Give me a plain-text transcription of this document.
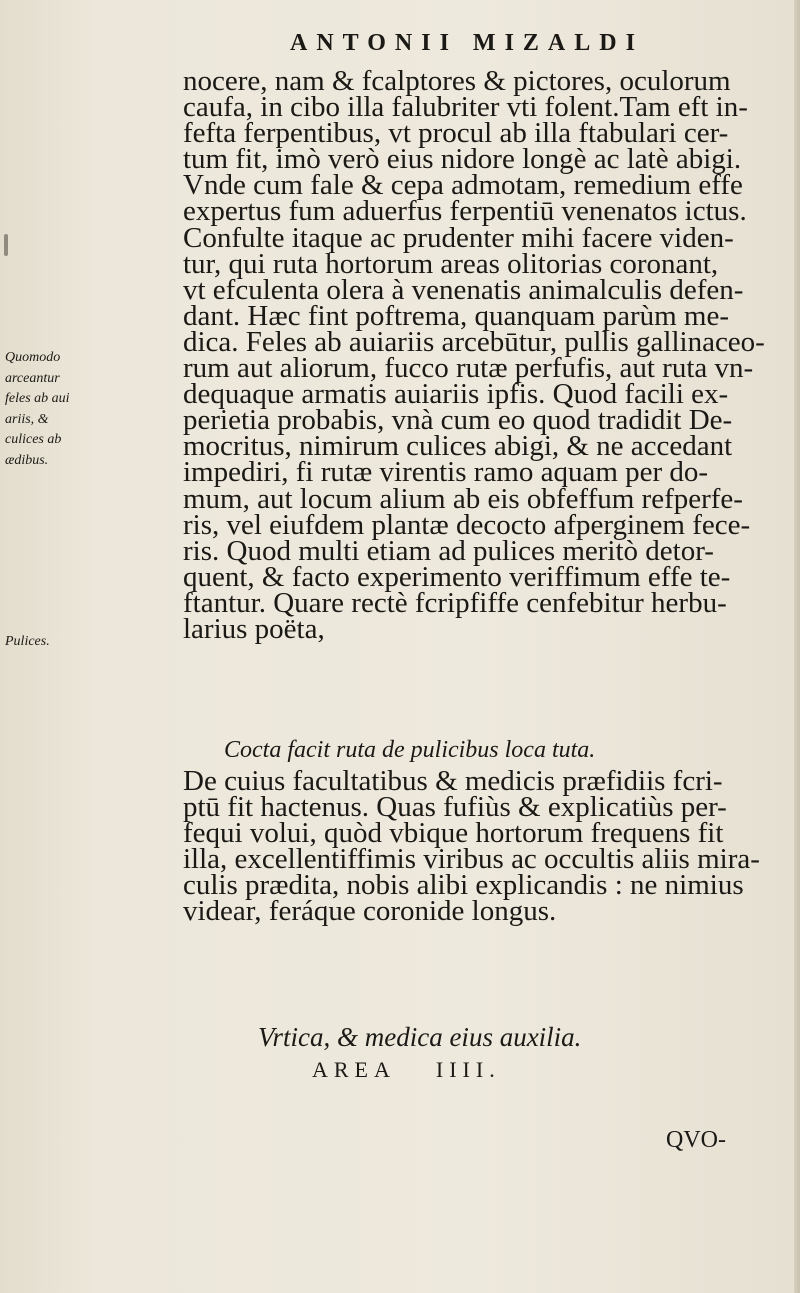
ANTONII MIZALDI
Quomodo
arceantur
feles ab aui
ariis, &
culices ab
ædibus.
Pulices.
nocere, nam & fcalptores & pictores, oculorum
caufa, in cibo illa falubriter vti folent.Tam eft in-
fefta ferpentibus, vt procul ab illa ftabulari cer-
tum fit, imò verò eius nidore longè ac latè abigi.
Vnde cum fale & cepa admotam, remedium effe
expertus fum aduerfus ferpentiū venenatos ictus.
Confulte itaque ac prudenter mihi facere viden-
tur, qui ruta hortorum areas olitorias coronant,
vt efculenta olera à venenatis animalculis defen-
dant. Hæc fint poftrema, quanquam parùm me-
dica. Feles ab auiariis arcebūtur, pullis gallinaceo-
rum aut aliorum, fucco rutæ perfufis, aut ruta vn-
dequaque armatis auiariis ipfis. Quod facili ex-
perietia probabis, vnà cum eo quod tradidit De-
mocritus, nimirum culices abigi, & ne accedant
impediri, fi rutæ virentis ramo aquam per do-
mum, aut locum alium ab eis obfeffum refperfe-
ris, vel eiufdem plantæ decocto afperginem fece-
ris. Quod multi etiam ad pulices meritò detor-
quent, & facto experimento veriffimum effe te-
ftantur. Quare rectè fcripfiffe cenfebitur herbu-
larius poëta,
Cocta facit ruta de pulicibus loca tuta.
De cuius facultatibus & medicis præfidiis fcri-
ptū fit hactenus. Quas fufiùs & explicatiùs per-
fequi volui, quòd vbique hortorum frequens fit
illa, excellentiffimis viribus ac occultis aliis mira-
culis prædita, nobis alibi explicandis : ne nimius
videar, feráque coronide longus.
Vrtica, & medica eius auxilia.
AREA IIII.
QVO-
